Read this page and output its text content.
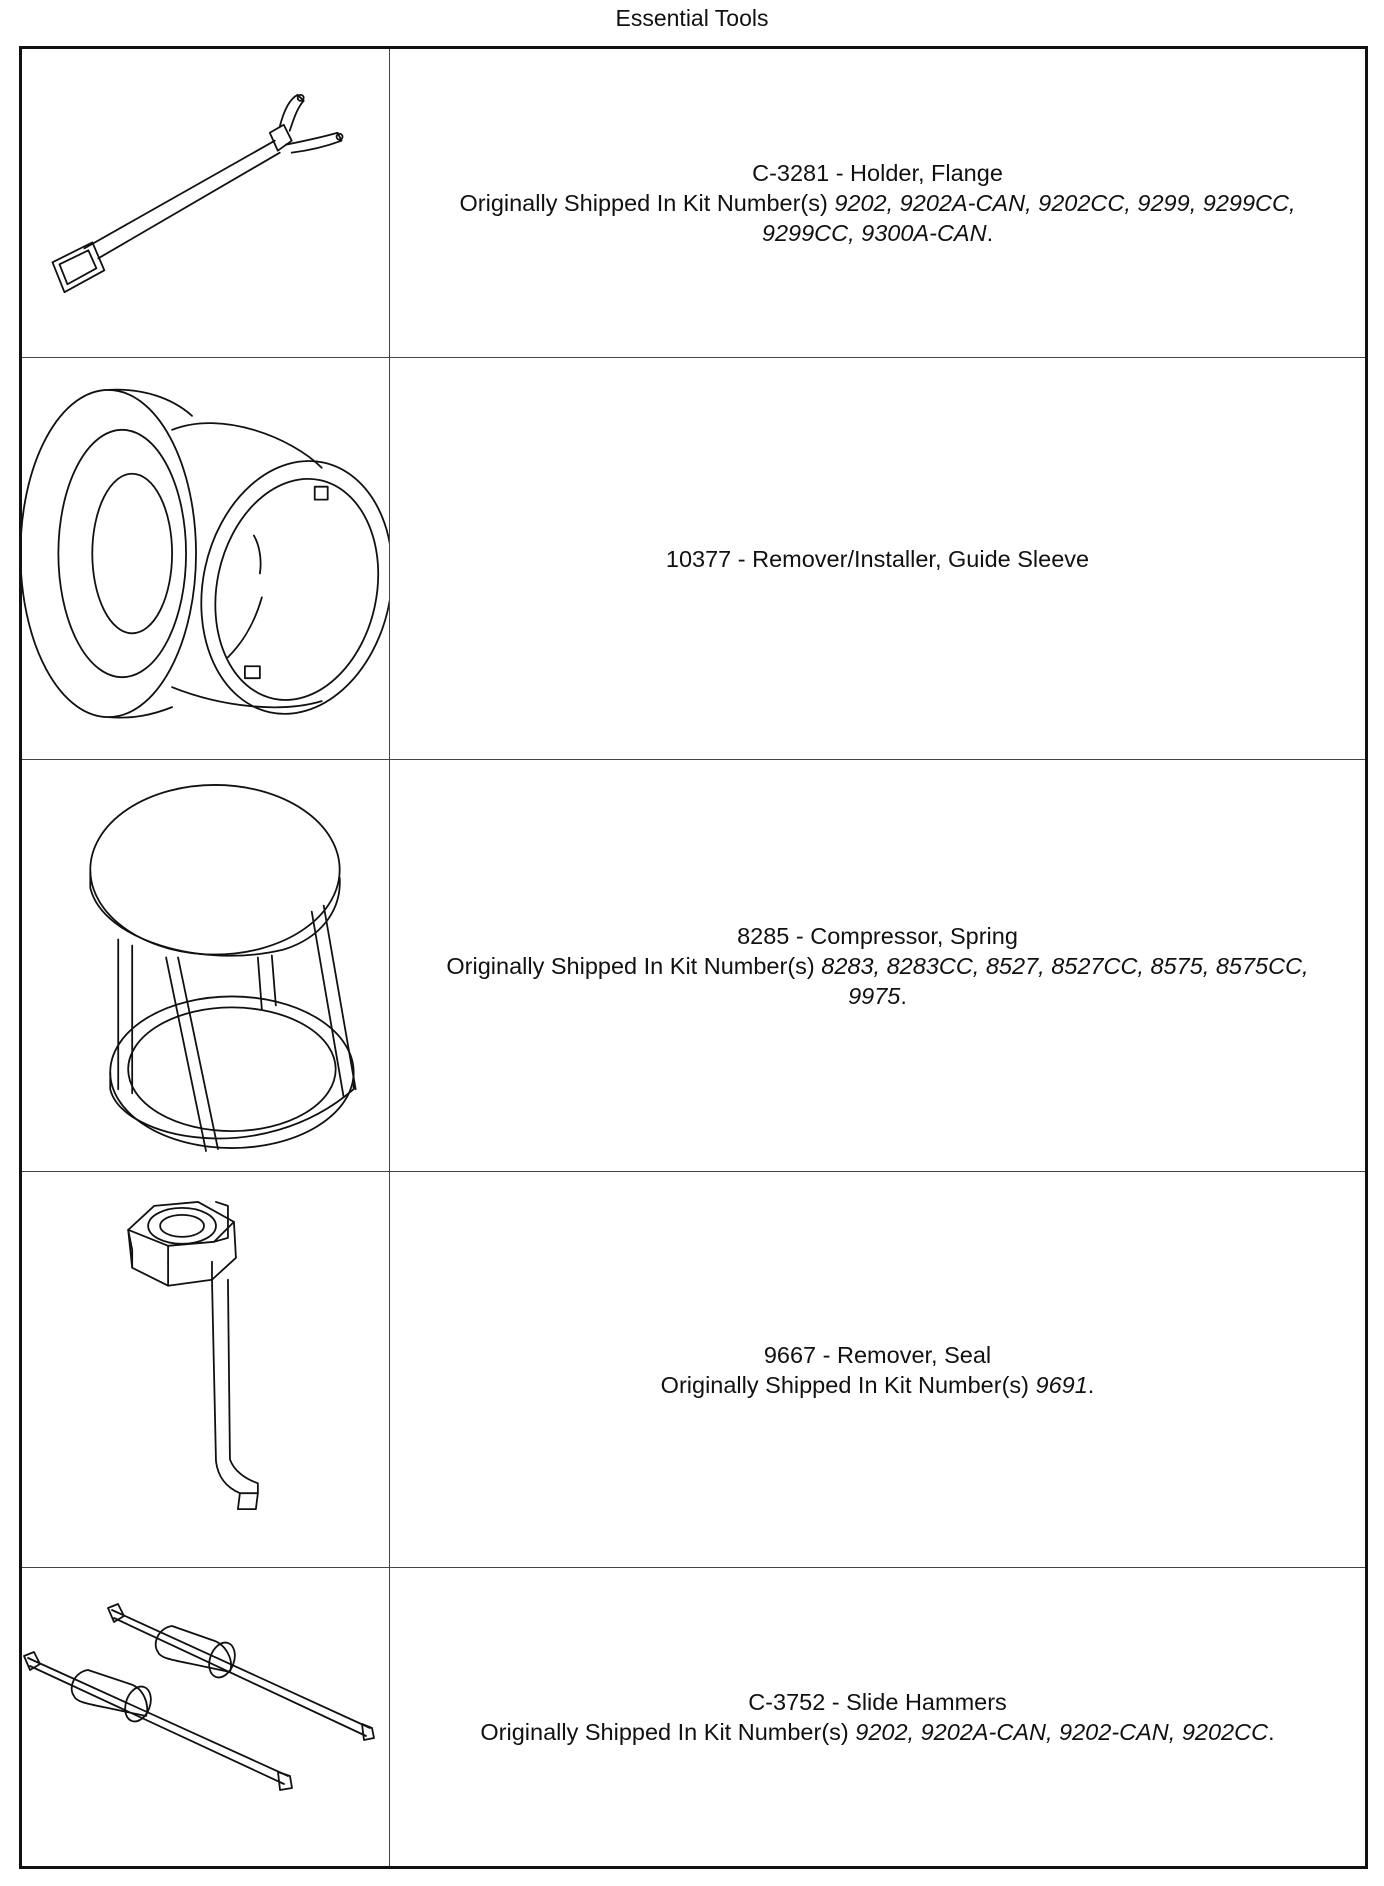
Essential Tools
C-3281 - Holder, Flange
Originally Shipped In Kit Number(s) 9202, 9202A-CAN, 9202CC, 9299, 9299CC,
9299CC, 9300A-CAN.
10377 - Remover/Installer, Guide Sleeve
8285 - Compressor, Spring
Originally Shipped In Kit Number(s) 8283, 8283CC, 8527, 8527CC, 8575, 8575CC,
9975.
9667 - Remover, Seal
Originally Shipped In Kit Number(s) 9691.
C-3752 - Slide Hammers
Originally Shipped In Kit Number(s) 9202, 9202A-CAN, 9202-CAN, 9202CC.
